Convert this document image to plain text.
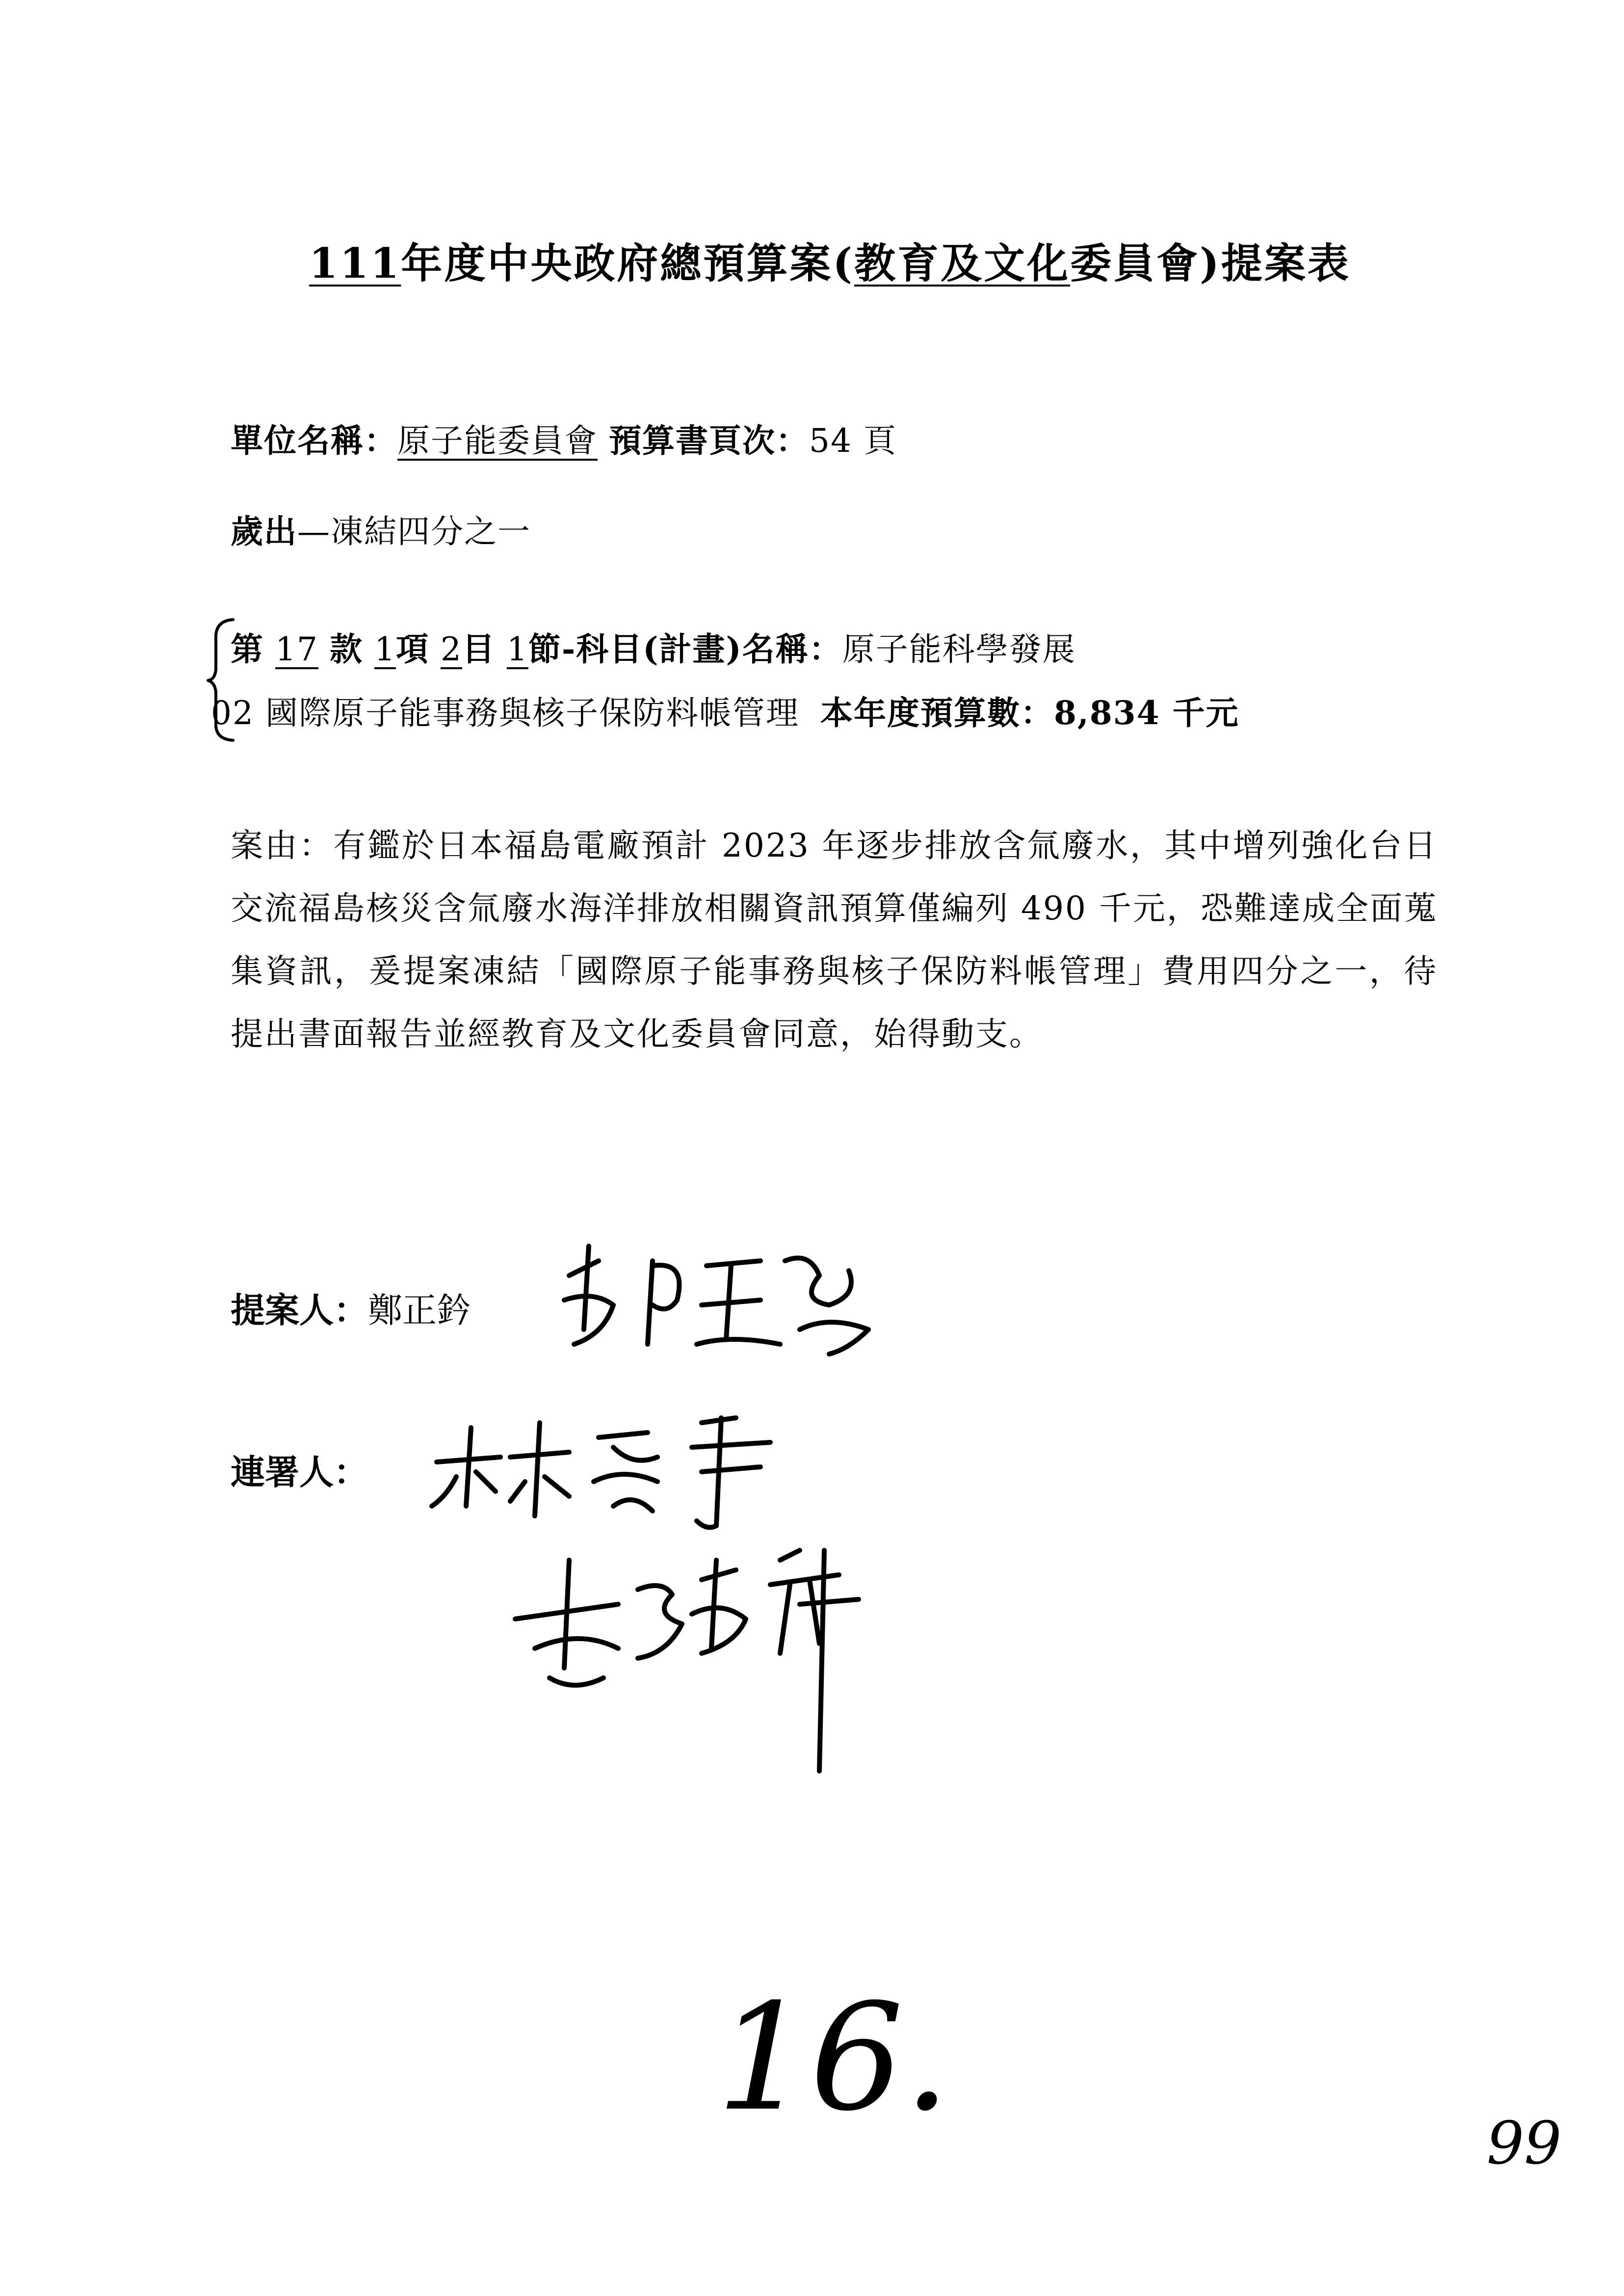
111年度中央政府總預算案(教育及文化委員會)提案表
單位名稱：原子能委員會 預算書頁次：54 頁
歲出—凍結四分之一
第 17 款 1項 2目 1節-科目(計畫)名稱：原子能科學發展
02 國際原子能事務與核子保防料帳管理 本年度預算數：8,834 千元
案由：有鑑於日本福島電廠預計 2023 年逐步排放含氚廢水，其中增列強化台日交流福島核災含氚廢水海洋排放相關資訊預算僅編列 490 千元，恐難達成全面蒐集資訊，爰提案凍結「國際原子能事務與核子保防料帳管理」費用四分之一，待提出書面報告並經教育及文化委員會同意，始得動支。
提案人：鄭正鈐
連署人：
16.
99
